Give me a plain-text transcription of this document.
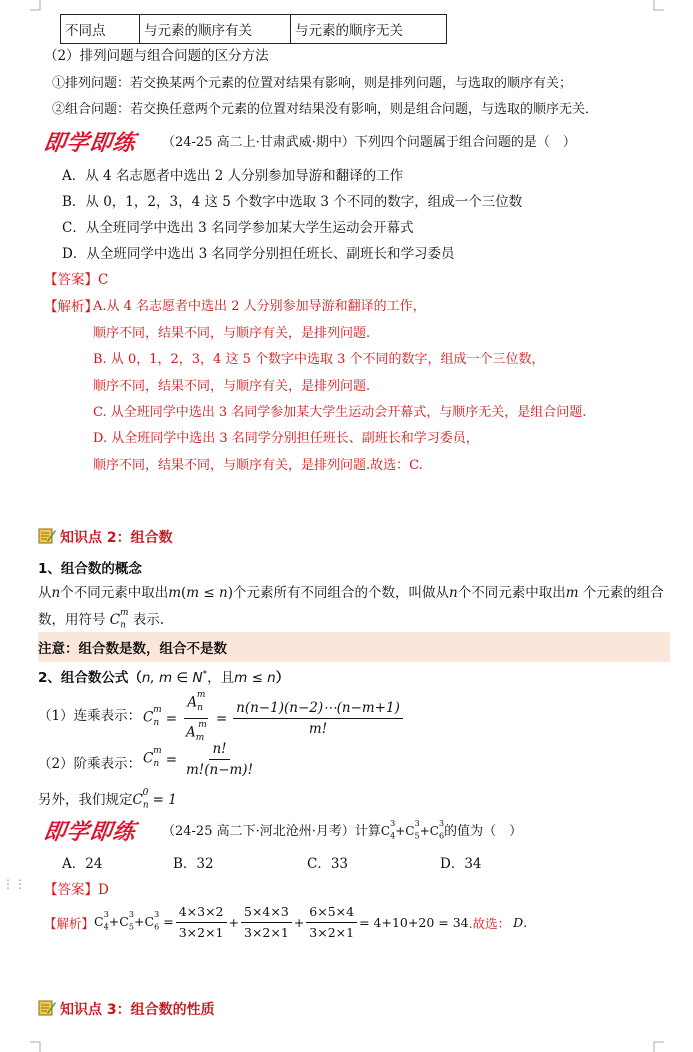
不同点	与元素的顺序有关	与元素的顺序无关
（2）排列问题与组合问题的区分方法
①排列问题：若交换某两个元素的位置对结果有影响，则是排列问题，与选取的顺序有关；
②组合问题：若交换任意两个元素的位置对结果没有影响，则是组合问题，与选取的顺序无关．
即学即练 （24-25 高二上·甘肃武威·期中）下列四个问题属于组合问题的是（　）
A．从 4 名志愿者中选出 2 人分别参加导游和翻译的工作
B．从 0，1，2，3，4 这 5 个数字中选取 3 个不同的数字，组成一个三位数
C．从全班同学中选出 3 名同学参加某大学生运动会开幕式
D．从全班同学中选出 3 名同学分别担任班长、副班长和学习委员
【答案】C
【解析】
A.从 4 名志愿者中选出 2 人分别参加导游和翻译的工作，
顺序不同，结果不同，与顺序有关，是排列问题.
B. 从 0，1，2，3，4 这 5 个数字中选取 3 个不同的数字，组成一个三位数，
顺序不同，结果不同，与顺序有关，是排列问题.
C. 从全班同学中选出 3 名同学参加某大学生运动会开幕式，与顺序无关，是组合问题.
D. 从全班同学中选出 3 名同学分别担任班长、副班长和学习委员，
顺序不同，结果不同，与顺序有关，是排列问题.故选：C.
知识点 2：组合数
1、组合数的概念
从n个不同元素中取出m(m ≤ n)个元素所有不同组合的个数，叫做从n个不同元素中取出m 个元素的组合
数，用符号 $C_n^m$ 表示.
注意：组合数是数，组合不是数
2、组合数公式（n, m ∈ N*，且m ≤ n）
（1）连乘表示： $C_n^m$
= $\frac{A_n^m}{A_m^m} = \frac{n(n-1)(n-2)\cdots(n-m+1)}{m!}$
（2）阶乘表示： $C_n^m$
= $\frac{n!}{m!(n-m)!}$
另外，我们规定$C_n^0 = 1$
即学即练 （24-25 高二下·河北沧州·月考）计算$C_4^3+C_5^3+C_6^3$的值为（　）
A．24	B．32	C．33	D．34
⋮⋮ 【答案】D
【解析】 $C_4^3+C_5^3+C_6^3 = \frac{4\times 3\times 2}{3\times 2\times 1} + \frac{5\times 4\times 3}{3\times 2\times 1} + \frac{6\times 5\times 4}{3\times 2\times 1} = 4+10+20 = 34$ .故选： D .
知识点 3：组合数的性质
